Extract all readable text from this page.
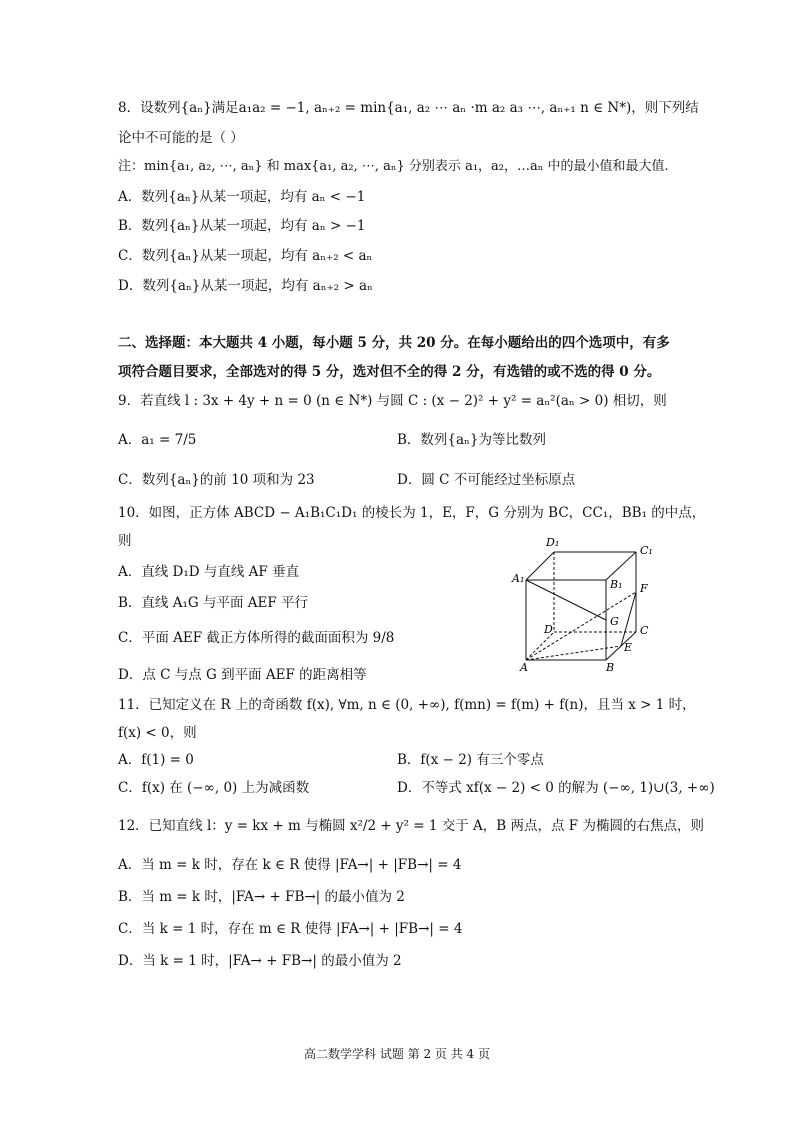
8．设数列{aₙ}满足a₁a₂ = −1, aₙ₊₂ = min{a₁, a₂ ⋯ aₙ ·m a₂ a₃ ⋯, aₙ₊₁ n ∈ N*)，则下列结
论中不可能的是（ ）
注：min{a₁, a₂, ⋯, aₙ} 和 max{a₁, a₂, ⋯, aₙ} 分别表示 a₁，a₂，…aₙ 中的最小值和最大值.
A．数列{aₙ}从某一项起，均有 aₙ < −1
B．数列{aₙ}从某一项起，均有 aₙ > −1
C．数列{aₙ}从某一项起，均有 aₙ₊₂ < aₙ
D．数列{aₙ}从某一项起，均有 aₙ₊₂ > aₙ
二、选择题：本大题共 4 小题，每小题 5 分，共 20 分。在每小题给出的四个选项中，有多
项符合题目要求，全部选对的得 5 分，选对但不全的得 2 分，有选错的或不选的得 0 分。
9．若直线 l : 3x + 4y + n = 0 (n ∈ N*) 与圆 C : (x − 2)² + y² = aₙ²(aₙ > 0) 相切，则
A．a₁ = 7/5	B．数列{aₙ}为等比数列
C．数列{aₙ}的前 10 项和为 23	D．圆 C 不可能经过坐标原点
10．如图，正方体 ABCD − A₁B₁C₁D₁ 的棱长为 1，E，F，G 分别为 BC，CC₁，BB₁ 的中点，
则
A．直线 D₁D 与直线 AF 垂直
B．直线 A₁G 与平面 AEF 平行
C．平面 AEF 截正方体所得的截面面积为 9/8
D．点 C 与点 G 到平面 AEF 的距离相等
D₁
C₁
A₁	B₁ F
G
D	C
E
A	B
11．已知定义在 R 上的奇函数 f(x), ∀m, n ∈ (0, +∞), f(mn) = f(m) + f(n)，且当 x > 1 时，
f(x) < 0，则
A．f(1) = 0	B．f(x − 2) 有三个零点
C．f(x) 在 (−∞, 0) 上为减函数	D．不等式 xf(x − 2) < 0 的解为 (−∞, 1)∪(3, +∞)
12．已知直线 l：y = kx + m 与椭圆 x²/2 + y² = 1 交于 A，B 两点，点 F 为椭圆的右焦点，则
A．当 m = k 时，存在 k ∈ R 使得 |FA→| + |FB→| = 4
B．当 m = k 时，|FA→ + FB→| 的最小值为 2
C．当 k = 1 时，存在 m ∈ R 使得 |FA→| + |FB→| = 4
D．当 k = 1 时，|FA→ + FB→| 的最小值为 2
高二数学学科 试题 第 2 页 共 4 页
